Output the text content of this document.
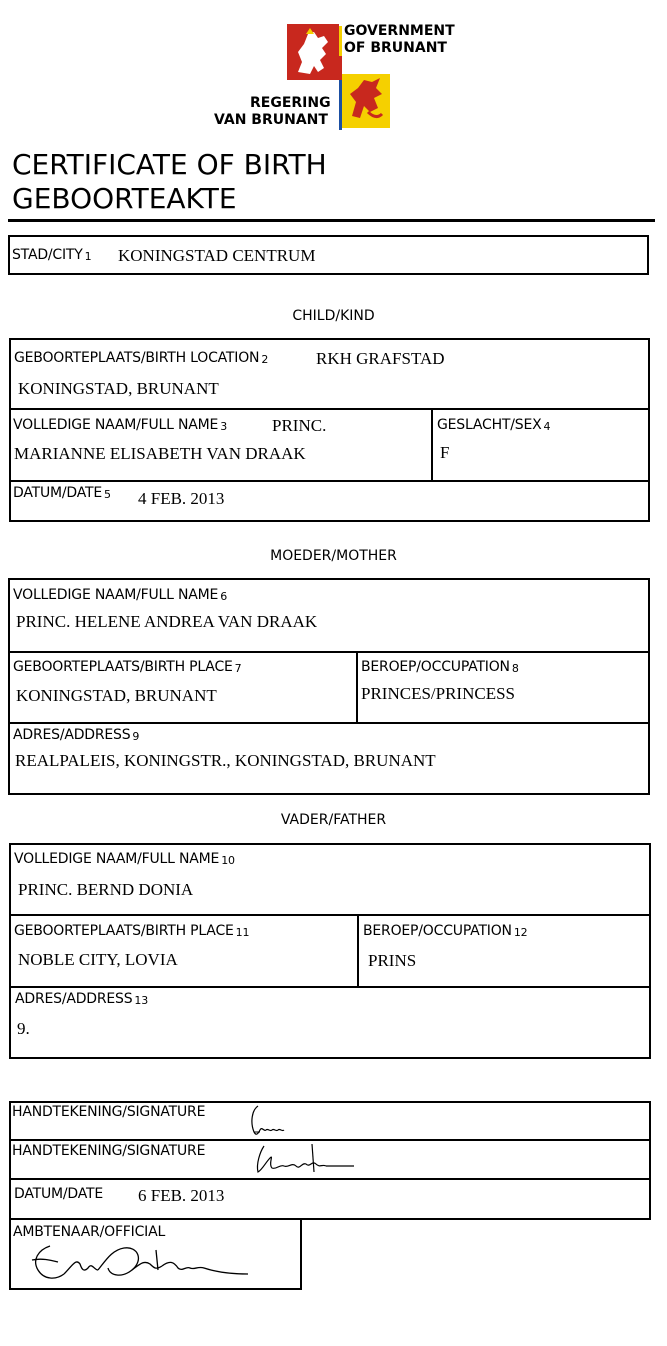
GOVERNMENT
OF BRUNANT
REGERING
VAN BRUNANT
CERTIFICATE OF BIRTH
GEBOORTEAKTE
STAD/CITY $_1$ KONINGSTAD CENTRUM
CHILD/KIND
GEBOORTEPLAATS/BIRTH LOCATION $_2$	RKH GRAFSTAD
KONINGSTAD, BRUNANT
VOLLEDIGE NAAM/FULL NAME $_3$	PRINC.
MARIANNE ELISABETH VAN DRAAK
GESLACHT/SEX $_4$
F
DATUM/DATE $_5$ 4 FEB. 2013
MOEDER/MOTHER
VOLLEDIGE NAAM/FULL NAME $_6$
PRINC. HELENE ANDREA VAN DRAAK
GEBOORTEPLAATS/BIRTH PLACE $_7$
KONINGSTAD, BRUNANT
BEROEP/OCCUPATION $_8$
PRINCES/PRINCESS
ADRES/ADDRESS $_9$
REALPALEIS, KONINGSTR., KONINGSTAD, BRUNANT
VADER/FATHER
VOLLEDIGE NAAM/FULL NAME $_{10}$
PRINC. BERND DONIA
GEBOORTEPLAATS/BIRTH PLACE $_{11}$
NOBLE CITY, LOVIA
BEROEP/OCCUPATION $_{12}$
PRINS
ADRES/ADDRESS $_{13}$
9.
HANDTEKENING/SIGNATURE
HANDTEKENING/SIGNATURE
DATUM/DATE 6 FEB. 2013
AMBTENAAR/OFFICIAL
